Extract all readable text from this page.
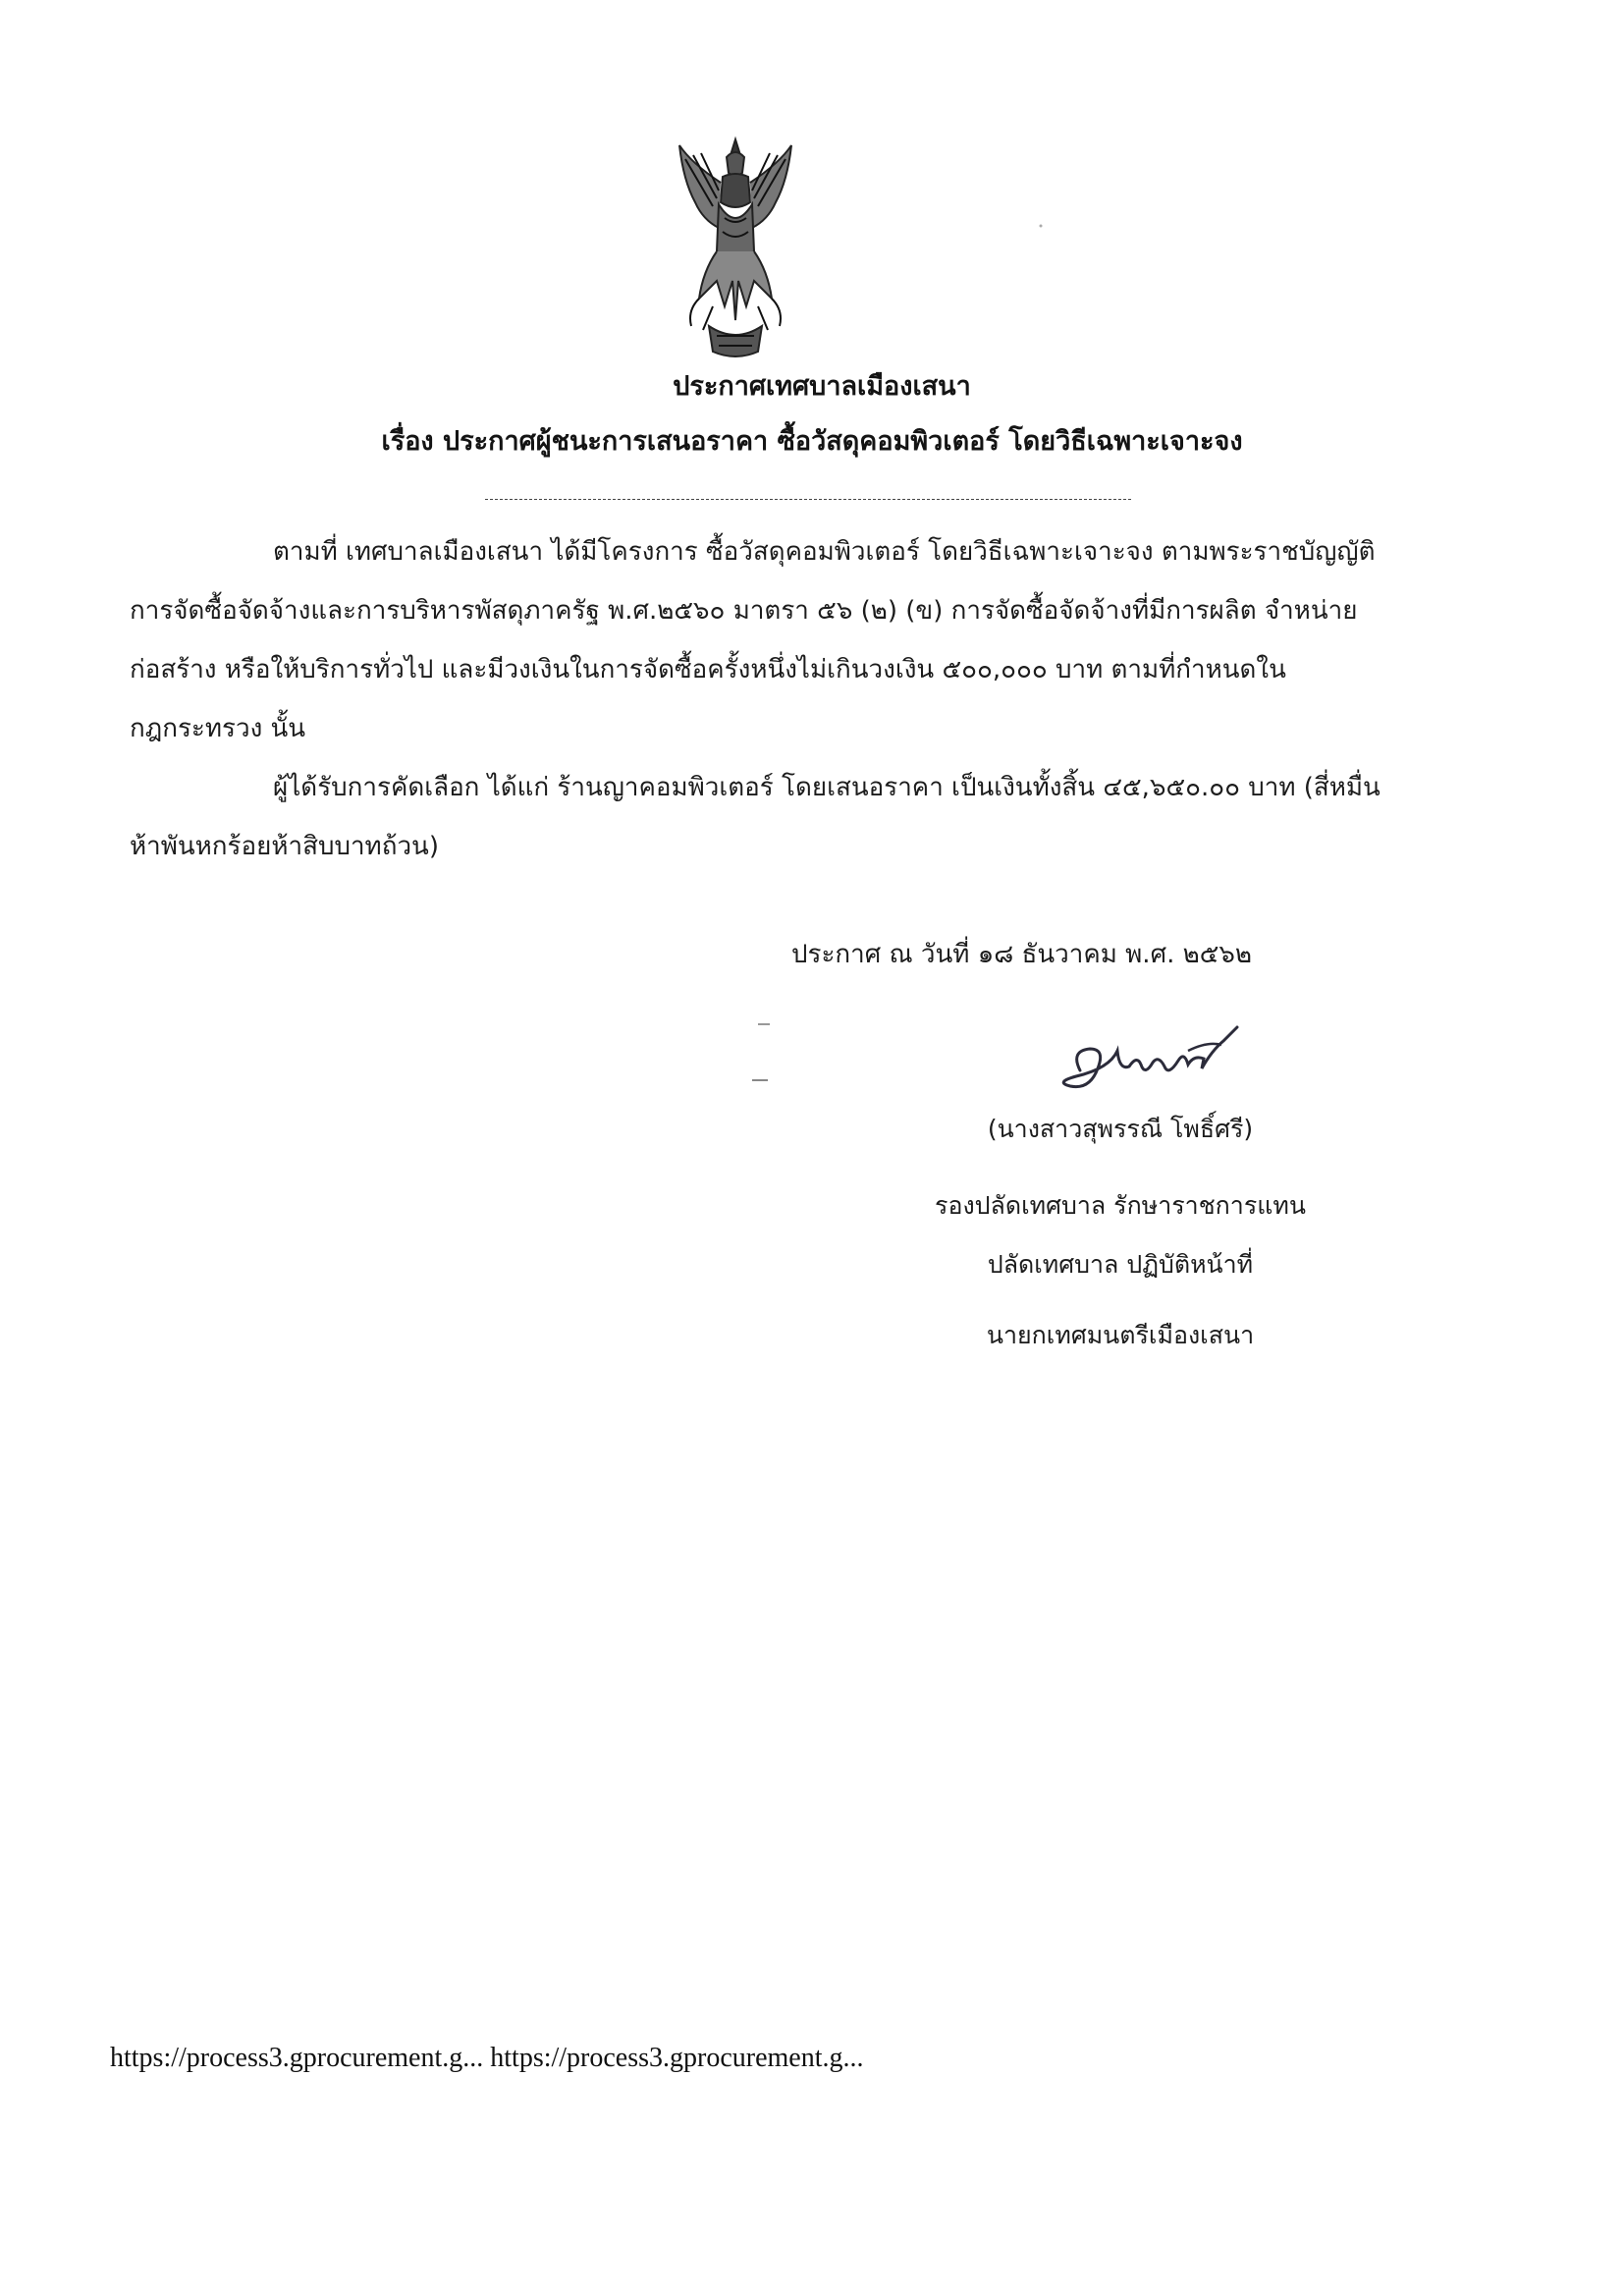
ประกาศเทศบาลเมืองเสนา
เรื่อง ประกาศผู้ชนะการเสนอราคา ซื้อวัสดุคอมพิวเตอร์ โดยวิธีเฉพาะเจาะจง
ตามที่ เทศบาลเมืองเสนา ได้มีโครงการ ซื้อวัสดุคอมพิวเตอร์ โดยวิธีเฉพาะเจาะจง ตามพระราชบัญญัติ
การจัดซื้อจัดจ้างและการบริหารพัสดุภาครัฐ พ.ศ.๒๕๖๐ มาตรา ๕๖ (๒) (ข) การจัดซื้อจัดจ้างที่มีการผลิต จำหน่าย
ก่อสร้าง หรือให้บริการทั่วไป และมีวงเงินในการจัดซื้อครั้งหนึ่งไม่เกินวงเงิน ๕๐๐,๐๐๐ บาท ตามที่กำหนดใน
กฎกระทรวง นั้น
ผู้ได้รับการคัดเลือก ได้แก่ ร้านญาคอมพิวเตอร์ โดยเสนอราคา เป็นเงินทั้งสิ้น ๔๕,๖๕๐.๐๐ บาท (สี่หมื่น
ห้าพันหกร้อยห้าสิบบาทถ้วน)
ประกาศ ณ วันที่ ๑๘ ธันวาคม พ.ศ. ๒๕๖๒
(นางสาวสุพรรณี โพธิ์ศรี)
รองปลัดเทศบาล รักษาราชการแทน
ปลัดเทศบาล ปฏิบัติหน้าที่
นายกเทศมนตรีเมืองเสนา
https://process3.gprocurement.g... https://process3.gprocurement.g...
